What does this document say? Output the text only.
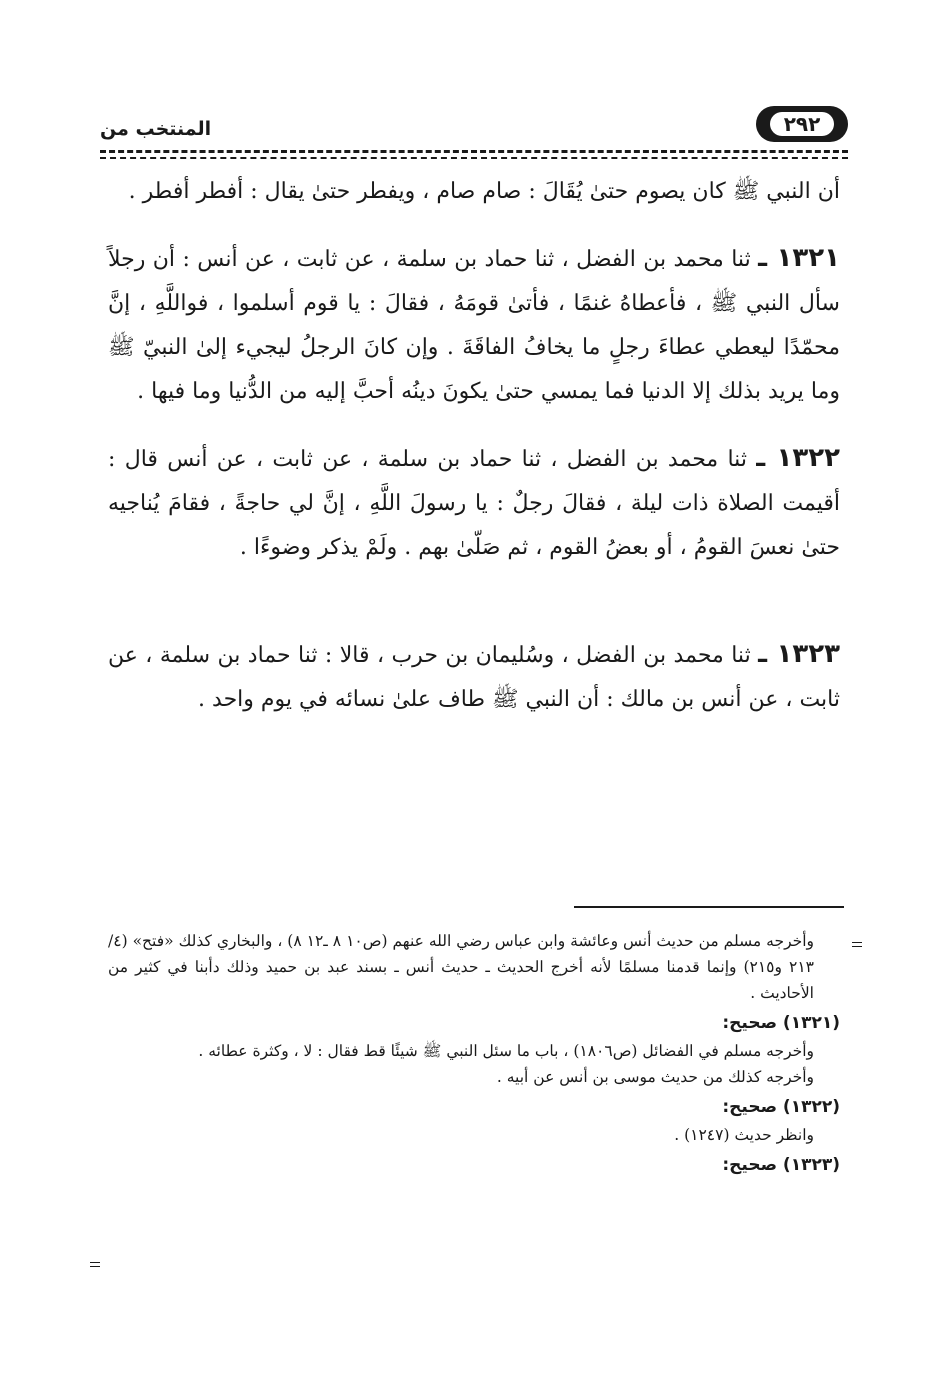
٢٩٢
المنتخب من

أن النبي ﷺ كان يصوم حتىٰ يُقَالَ : صام صام ، ويفطر حتىٰ يقال : أفطر أفطر .

١٣٢١ ـ ثنا محمد بن الفضل ، ثنا حماد بن سلمة ، عن ثابت ، عن أنس : أن رجلاً سأل النبي ﷺ ، فأعطاهُ غنمًا ، فأتىٰ قومَهُ ، فقالَ : يا قوم أسلموا ، فواللَّهِ ، إنَّ محمّدًا ليعطي عطاءَ رجلٍ ما يخافُ الفاقَةَ . وإن كانَ الرجلُ ليجيء إلىٰ النبيّ ﷺ وما يريد بذلك إلا الدنيا فما يمسي حتىٰ يكونَ دينُه أحبَّ إليه من الدُّنيا وما فيها .

١٣٢٢ ـ ثنا محمد بن الفضل ، ثنا حماد بن سلمة ، عن ثابت ، عن أنس قال : أقيمت الصلاة ذات ليلة ، فقالَ رجلٌ : يا رسولَ اللَّهِ ، إنَّ لي حاجةً ، فقامَ يُناجيه حتىٰ نعسَ القومُ ، أو بعضُ القوم ، ثم صَلّىٰ بهم . ولَمْ يذكر وضوءًا .

١٣٢٣ ـ ثنا محمد بن الفضل ، وسُليمان بن حرب ، قالا : ثنا حماد بن سلمة ، عن ثابت ، عن أنس بن مالك : أن النبي ﷺ طاف علىٰ نسائه في يوم واحد .

وأخرجه مسلم من حديث أنس وعائشة وابن عباس رضي الله عنهم (ص١٠ ٨ ـ١٢ ٨) ، والبخاري كذلك «فتح» (٤/ ٢١٣ و٢١٥) وإنما قدمنا مسلمًا لأنه أخرج الحديث ـ حديث أنس ـ بسند عبد بن حميد وذلك دأبنا في كثير من الأحاديث .

(١٣٢١) صحيح:

وأخرجه مسلم في الفضائل (ص١٨٠٦) ، باب ما سئل النبي ﷺ شيئًا قط فقال : لا ، وكثرة عطائه .

وأخرجه كذلك من حديث موسى بن أنس عن أبيه .

(١٣٢٢) صحيح:

وانظر حديث (١٢٤٧) .

(١٣٢٣) صحيح:
